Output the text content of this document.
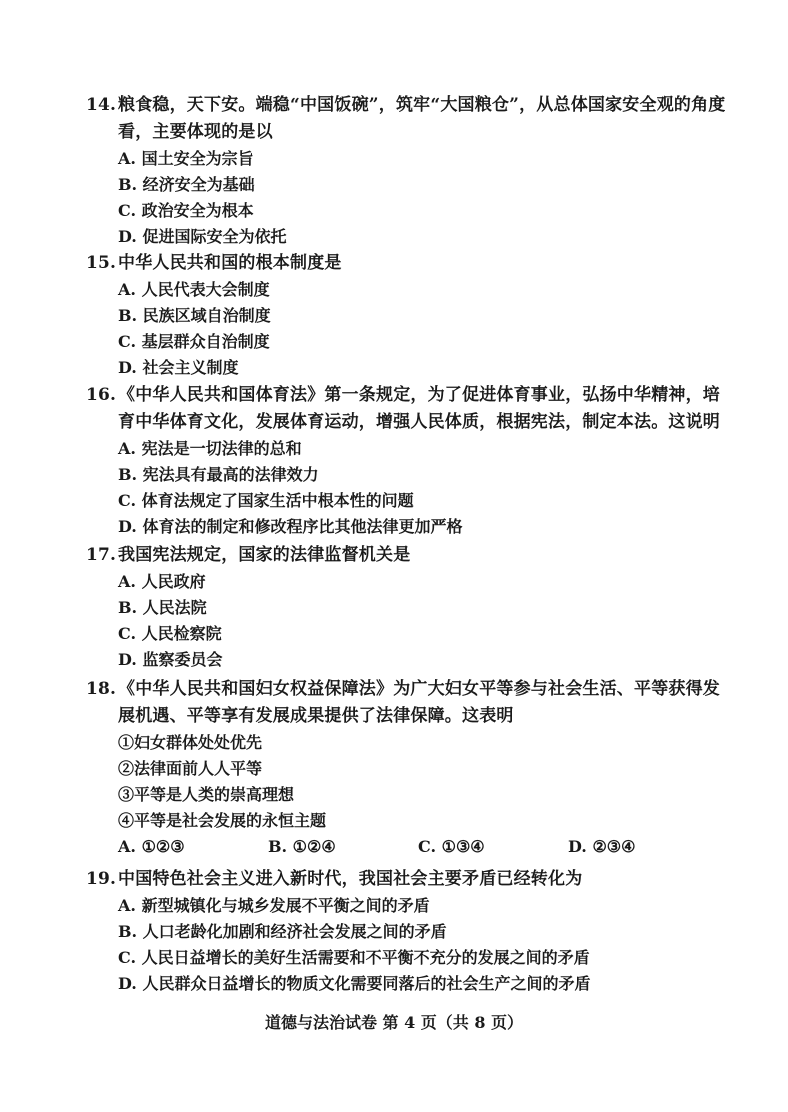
14. 粮食稳，天下安。端稳“中国饭碗”，筑牢“大国粮仓”，从总体国家安全观的角度看，主要体现的是以
A. 国土安全为宗旨
B. 经济安全为基础
C. 政治安全为根本
D. 促进国际安全为依托
15. 中华人民共和国的根本制度是
A. 人民代表大会制度
B. 民族区域自治制度
C. 基层群众自治制度
D. 社会主义制度
16. 《中华人民共和国体育法》第一条规定，为了促进体育事业，弘扬中华精神，培育中华体育文化，发展体育运动，增强人民体质，根据宪法，制定本法。这说明
A. 宪法是一切法律的总和
B. 宪法具有最高的法律效力
C. 体育法规定了国家生活中根本性的问题
D. 体育法的制定和修改程序比其他法律更加严格
17. 我国宪法规定，国家的法律监督机关是
A. 人民政府
B. 人民法院
C. 人民检察院
D. 监察委员会
18. 《中华人民共和国妇女权益保障法》为广大妇女平等参与社会生活、平等获得发展机遇、平等享有发展成果提供了法律保障。这表明
①妇女群体处处优先
②法律面前人人平等
③平等是人类的崇高理想
④平等是社会发展的永恒主题
A. ①②③	B. ①②④	C. ①③④	D. ②③④
19. 中国特色社会主义进入新时代，我国社会主要矛盾已经转化为
A. 新型城镇化与城乡发展不平衡之间的矛盾
B. 人口老龄化加剧和经济社会发展之间的矛盾
C. 人民日益增长的美好生活需要和不平衡不充分的发展之间的矛盾
D. 人民群众日益增长的物质文化需要同落后的社会生产之间的矛盾
道德与法治试卷 第 4 页（共 8 页）
